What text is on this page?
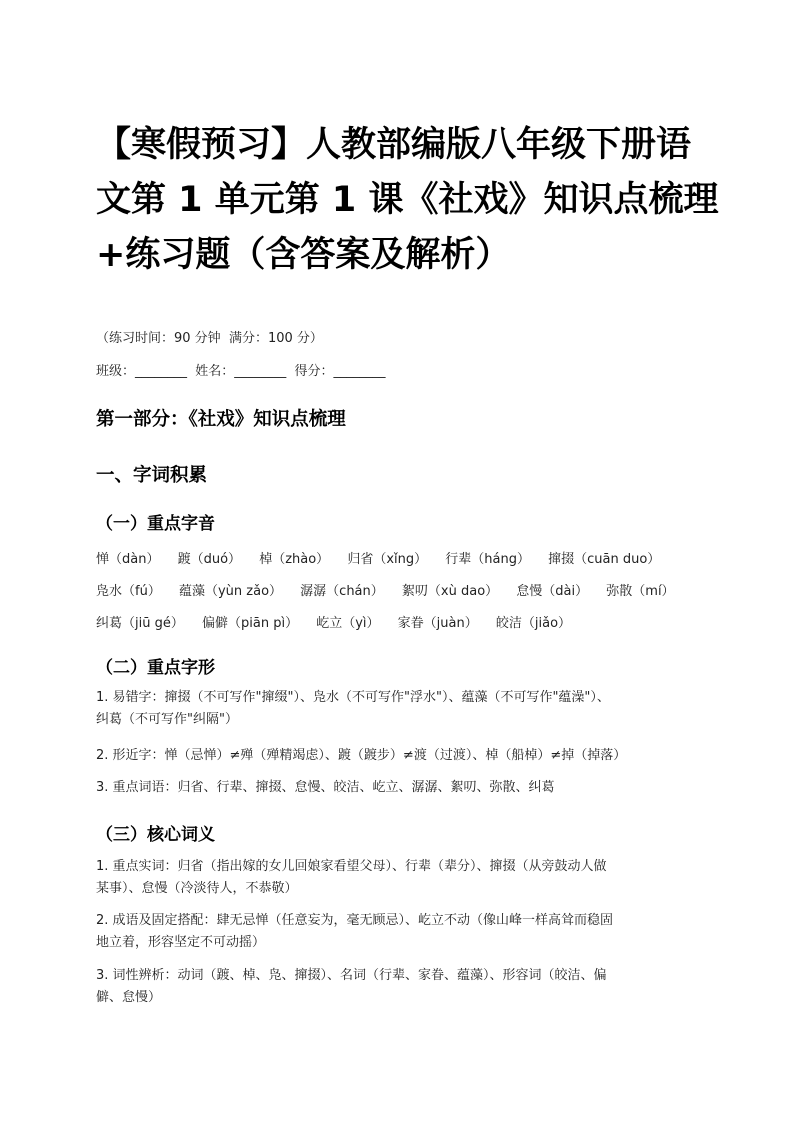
【寒假预习】人教部编版八年级下册语
文第 1 单元第 1 课《社戏》知识点梳理
+练习题（含答案及解析）
（练习时间：90 分钟  满分：100 分）
班级：________  姓名：________  得分：________
第一部分：《社戏》知识点梳理
一、字词积累
（一）重点字音
惮（dàn） 踱（duó） 棹（zhào） 归省（xǐng） 行辈（háng） 撺掇（cuān duo）
凫水（fú） 蕴藻（yùn zǎo） 潺潺（chán） 絮叨（xù dao） 怠慢（dài） 弥散（mí）
纠葛（jiū gé） 偏僻（piān pì） 屹立（yì） 家眷（juàn） 皎洁（jiǎo）
（二）重点字形
1. 易错字：撺掇（不可写作"撺缀"）、凫水（不可写作"浮水"）、蕴藻（不可写作"蕴澡"）、
纠葛（不可写作"纠隔"）
2. 形近字：惮（忌惮）≠殚（殚精竭虑）、踱（踱步）≠渡（过渡）、棹（船棹）≠掉（掉落）
3. 重点词语：归省、行辈、撺掇、怠慢、皎洁、屹立、潺潺、絮叨、弥散、纠葛
（三）核心词义
1. 重点实词：归省（指出嫁的女儿回娘家看望父母）、行辈（辈分）、撺掇（从旁鼓动人做
某事）、怠慢（冷淡待人，不恭敬）
2. 成语及固定搭配：肆无忌惮（任意妄为，毫无顾忌）、屹立不动（像山峰一样高耸而稳固
地立着，形容坚定不可动摇）
3. 词性辨析：动词（踱、棹、凫、撺掇）、名词（行辈、家眷、蕴藻）、形容词（皎洁、偏
僻、怠慢）
